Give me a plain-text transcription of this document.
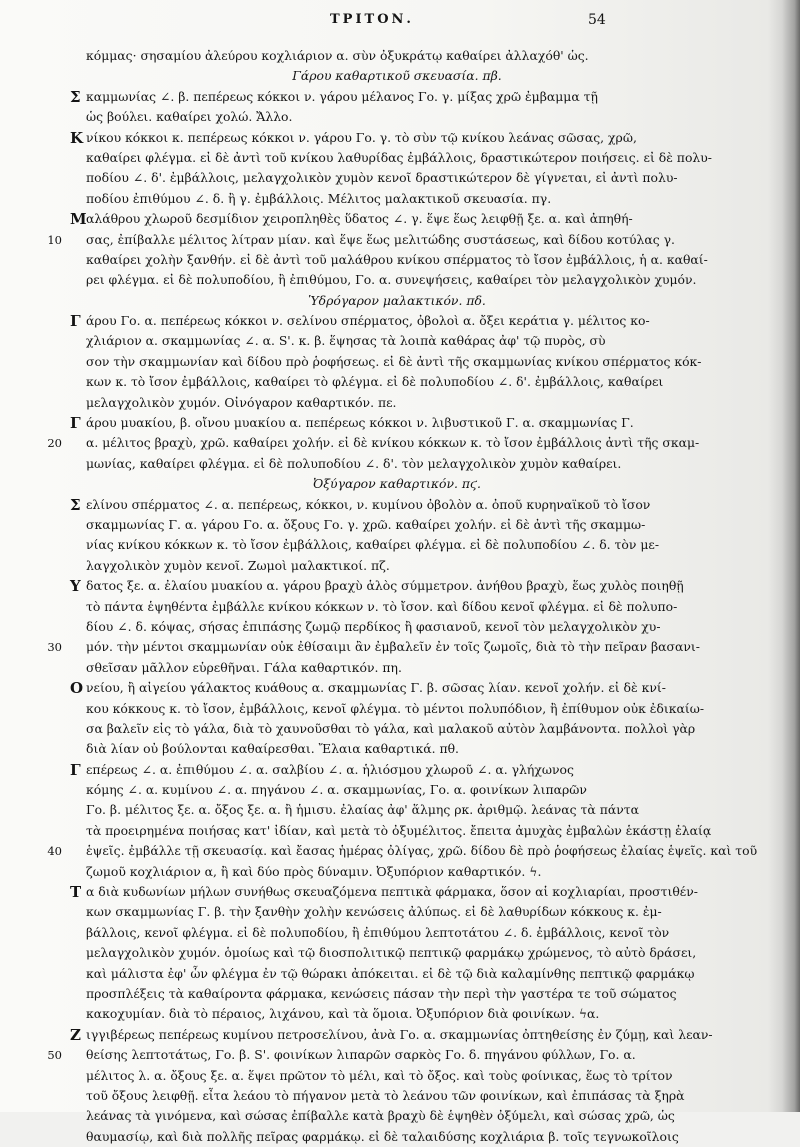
ΤΡΙΤΟΝ.	54
κόμμας· σησαμίου ἀλεύρου κοχλιάριον α. σὺν ὀξυκράτῳ καθαίρει ἀλλαχόθ' ὡς.
Γάρου καθαρτικοῦ σκευασία. πβ.
Σ καμμωνίας ∠. β. πεπέρεως κόκκοι ν. γάρου μέλανος Γο. γ. μίξας χρῶ ἐμβαμμα τῇ
ὡς βούλει. καθαίρει χολώ. Ἄλλο.
Κ νίκου κόκκοι κ. πεπέρεως κόκκοι ν. γάρου Γο. γ. τὸ σὺν τῷ κνίκου λεάνας σῶσας, χρῶ,
καθαίρει φλέγμα. εἰ δὲ ἀντὶ τοῦ κνίκου λαθυρίδας ἐμβάλλοις, δραστικώτερον ποιήσεις. εἰ δὲ πολυ-
ποδίου ∠. δ'. ἐμβάλλοις, μελαγχολικὸν χυμὸν κενοῖ δραστικώτερον δὲ γίγνεται, εἰ ἀντὶ πολυ-
ποδίου ἐπιθύμου ∠. δ. ἢ γ. ἐμβάλλοις. Μέλιτος μαλακτικοῦ σκευασία. πγ.
Μ αλάθρου χλωροῦ δεσμίδιον χειροπληθὲς ὕδατος ∠. γ. ἕψε ἕως λειφθῇ ξε. α. καὶ ἀπηθή-
10 σας, ἐπίβαλλε μέλιτος λίτραν μίαν. καὶ ἕψε ἕως μελιτώδης συστάσεως, καὶ δίδου κοτύλας γ.
καθαίρει χολὴν ξανθήν. εἰ δὲ ἀντὶ τοῦ μαλάθρου κνίκου σπέρματος τὸ ἴσον ἐμβάλλοις, ἡ α. καθαί-
ρει φλέγμα. εἰ δὲ πολυποδίου, ἢ ἐπιθύμου, Γο. α. συνεψήσεις, καθαίρει τὸν μελαγχολικὸν χυμόν.
Ὑδρόγαρον μαλακτικόν. πδ.
Γ άρου Γο. α. πεπέρεως κόκκοι ν. σελίνου σπέρματος, ὀβολοὶ α. ὄξει κεράτια γ. μέλιτος κο-
χλιάριον α. σκαμμωνίας ∠. α. S'. κ. β. ἕψησας τὰ λοιπὰ καθάρας ἀφ' τῷ πυρὸς, σὺ
σον τὴν σκαμμωνίαν καὶ δίδου πρὸ ῥοφήσεως. εἰ δὲ ἀντὶ τῆς σκαμμωνίας κνίκου σπέρματος κόκ-
κων κ. τὸ ἴσον ἐμβάλλοις, καθαίρει τὸ φλέγμα. εἰ δὲ πολυποδίου ∠. δ'. ἐμβάλλοις, καθαίρει
μελαγχολικὸν χυμόν. Οἰνόγαρον καθαρτικόν. πε.
Γ άρου μυακίου, β. οἴνου μυακίου α. πεπέρεως κόκκοι ν. λιβυστικοῦ Γ. α. σκαμμωνίας Γ.
20 α. μέλιτος βραχὺ, χρῶ. καθαίρει χολήν. εἰ δὲ κνίκου κόκκων κ. τὸ ἴσον ἐμβάλλοις ἀντὶ τῆς σκαμ-
μωνίας, καθαίρει φλέγμα. εἰ δὲ πολυποδίου ∠. δ'. τὸν μελαγχολικὸν χυμὸν καθαίρει.
Ὀξύγαρον καθαρτικόν. πϛ.
Σ ελίνου σπέρματος ∠. α. πεπέρεως, κόκκοι, ν. κυμίνου ὀβολὸν α. ὀποῦ κυρηναϊκοῦ τὸ ἴσον
σκαμμωνίας Γ. α. γάρου Γο. α. ὄξους Γο. γ. χρῶ. καθαίρει χολήν. εἰ δὲ ἀντὶ τῆς σκαμμω-
νίας κνίκου κόκκων κ. τὸ ἴσον ἐμβάλλοις, καθαίρει φλέγμα. εἰ δὲ πολυποδίου ∠. δ. τὸν με-
λαγχολικὸν χυμὸν κενοῖ. Ζωμοὶ μαλακτικοί. πζ.
Υ δατος ξε. α. ἐλαίου μυακίου α. γάρου βραχὺ ἁλὸς σύμμετρον. ἀνήθου βραχὺ, ἕως χυλὸς ποιηθῇ
τὸ πάντα ἑψηθέντα ἐμβάλλε κνίκου κόκκων ν. τὸ ἴσον. καὶ δίδου κενοῖ φλέγμα. εἰ δὲ πολυπο-
δίου ∠. δ. κόψας, σήσας ἐπιπάσης ζωμῷ περδίκος ἢ φασιανοῦ, κενοῖ τὸν μελαγχολικὸν χυ-
30 μόν. τὴν μέντοι σκαμμωνίαν οὐκ ἐθίσαιμι ἂν ἐμβαλεῖν ἐν τοῖς ζωμοῖς, διὰ τὸ τὴν πεῖραν βασανι-
σθεῖσαν μᾶλλον εὑρεθῆναι. Γάλα καθαρτικόν. πη.
Ο νείου, ἢ αἰγείου γάλακτος κυάθους α. σκαμμωνίας Γ. β. σῶσας λίαν. κενοῖ χολήν. εἰ δὲ κνί-
κου κόκκους κ. τὸ ἴσον, ἐμβάλλοις, κενοῖ φλέγμα. τὸ μέντοι πολυπόδιον, ἢ ἐπίθυμον οὐκ ἐδικαίω-
σα βαλεῖν εἰς τὸ γάλα, διὰ τὸ χαυνοῦσθαι τὸ γάλα, καὶ μαλακοῦ αὐτὸν λαμβάνοντα. πολλοὶ γὰρ
διὰ λίαν οὐ βούλονται καθαίρεσθαι. Ἔλαια καθαρτικά. πθ.
Γ επέρεως ∠. α. ἐπιθύμου ∠. α. σαλβίου ∠. α. ἡλιόσμου χλωροῦ ∠. α. γλήχωνος
κόμης ∠. α. κυμίνου ∠. α. πηγάνου ∠. α. σκαμμωνίας, Γο. α. φοινίκων λιπαρῶν
Γο. β. μέλιτος ξε. α. ὄξος ξε. α. ἢ ἡμισυ. ἐλαίας ἀφ' ἅλμης ρκ. ἀριθμῷ. λεάνας τὰ πάντα
τὰ προειρημένα ποιήσας κατ' ἰδίαν, καὶ μετὰ τὸ ὀξυμέλιτος. ἔπειτα ἀμυχὰς ἐμβαλὼν ἑκάστῃ ἐλαίᾳ
40 ἑψεῖς. ἐμβάλλε τῇ σκευασίᾳ. καὶ ἔασας ἡμέρας ὀλίγας, χρῶ. δίδου δὲ πρὸ ῥοφήσεως ἐλαίας ἑψεῖς. καὶ τοῦ
ζωμοῦ κοχλιάριον α, ἢ καὶ δύο πρὸς δύναμιν. Ὀξυπόριον καθαρτικόν. ϟ.
Τ α διὰ κυδωνίων μήλων συνήθως σκευαζόμενα πεπτικὰ φάρμακα, ὅσον αἱ κοχλιαρίαι, προστιθέν-
κων σκαμμωνίας Γ. β. τὴν ξανθὴν χολὴν κενώσεις ἀλύπως. εἰ δὲ λαθυρίδων κόκκους κ. ἐμ-
βάλλοις, κενοῖ φλέγμα. εἰ δὲ πολυποδίου, ἢ ἐπιθύμου λεπτοτάτου ∠. δ. ἐμβάλλοις, κενοῖ τὸν
μελαγχολικὸν χυμόν. ὁμοίως καὶ τῷ διοσπολιτικῷ πεπτικῷ φαρμάκῳ χρώμενος, τὸ αὐτὸ δράσει,
καὶ μάλιστα ἐφ' ὧν φλέγμα ἐν τῷ θώρακι ἀπόκειται. εἰ δὲ τῷ διὰ καλαμίνθης πεπτικῷ φαρμάκῳ
προσπλέξεις τὰ καθαίροντα φάρμακα, κενώσεις πάσαν τὴν περὶ τὴν γαστέρα τε τοῦ σώματος
κακοχυμίαν. διὰ τὸ πέραιος, λιχάνου, καὶ τὰ ὅμοια. Ὀξυπόριον διὰ φοινίκων. ϟα.
Ζ ιγγιβέρεως πεπέρεως κυμίνου πετροσελίνου, ἀνὰ Γο. α. σκαμμωνίας ὀπτηθείσης ἐν ζύμῃ, καὶ λεαν-
50 θείσης λεπτοτάτως, Γο. β. S'. φοινίκων λιπαρῶν σαρκὸς Γο. δ. πηγάνου φύλλων, Γο. α.
μέλιτος λ. α. ὄξους ξε. α. ἕψει πρῶτον τὸ μέλι, καὶ τὸ ὄξος. καὶ τοὺς φοίνικας, ἕως τὸ τρίτον
τοῦ ὄξους λειφθῇ. εἶτα λεάου τὸ πήγανον μετὰ τὸ λεάνου τῶν φοινίκων, καὶ ἐπιπάσας τὰ ξηρὰ
λεάνας τὰ γινόμενα, καὶ σώσας ἐπίβαλλε κατὰ βραχὺ δὲ ἑψηθὲν ὀξύμελι, καὶ σώσας χρῶ, ὡς
θαυμασίῳ, καὶ διὰ πολλῆς πεῖρας φαρμάκῳ. εἰ δὲ ταλαιδύσης κοχλιάρια β. τοῖς τεγνωκοῖλοις
